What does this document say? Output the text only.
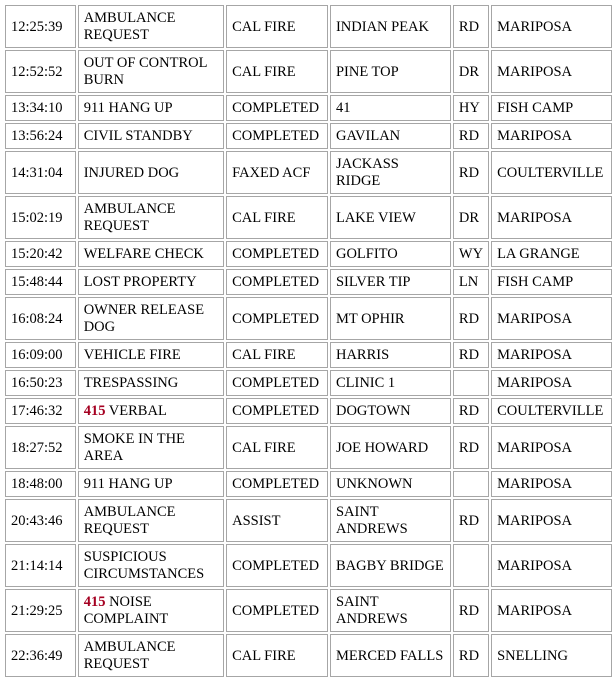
12:25:39	AMBULANCE REQUEST	CAL FIRE	INDIAN PEAK	RD	MARIPOSA
12:52:52	OUT OF CONTROL BURN	CAL FIRE	PINE TOP	DR	MARIPOSA
13:34:10	911 HANG UP	COMPLETED	41	HY	FISH CAMP
13:56:24	CIVIL STANDBY	COMPLETED	GAVILAN	RD	MARIPOSA
14:31:04	INJURED DOG	FAXED ACF	JACKASS RIDGE	RD	COULTERVILLE
15:02:19	AMBULANCE REQUEST	CAL FIRE	LAKE VIEW	DR	MARIPOSA
15:20:42	WELFARE CHECK	COMPLETED	GOLFITO	WY	LA GRANGE
15:48:44	LOST PROPERTY	COMPLETED	SILVER TIP	LN	FISH CAMP
16:08:24	OWNER RELEASE DOG	COMPLETED	MT OPHIR	RD	MARIPOSA
16:09:00	VEHICLE FIRE	CAL FIRE	HARRIS	RD	MARIPOSA
16:50:23	TRESPASSING	COMPLETED	CLINIC 1		MARIPOSA
17:46:32	415 VERBAL	COMPLETED	DOGTOWN	RD	COULTERVILLE
18:27:52	SMOKE IN THE AREA	CAL FIRE	JOE HOWARD	RD	MARIPOSA
18:48:00	911 HANG UP	COMPLETED	UNKNOWN		MARIPOSA
20:43:46	AMBULANCE REQUEST	ASSIST	SAINT ANDREWS	RD	MARIPOSA
21:14:14	SUSPICIOUS CIRCUMSTANCES	COMPLETED	BAGBY BRIDGE		MARIPOSA
21:29:25	415 NOISE COMPLAINT	COMPLETED	SAINT ANDREWS	RD	MARIPOSA
22:36:49	AMBULANCE REQUEST	CAL FIRE	MERCED FALLS	RD	SNELLING
